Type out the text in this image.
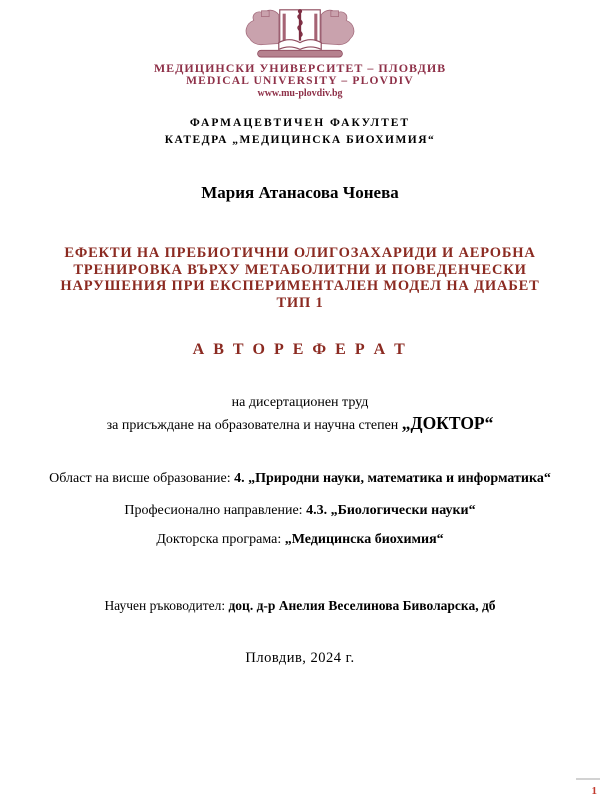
МЕДИЦИНСКИ УНИВЕРСИТЕТ – ПЛОВДИВ
MEDICAL UNIVERSITY – PLOVDIV
www.mu-plovdiv.bg
ФАРМАЦЕВТИЧЕН ФАКУЛТЕТ
КАТЕДРА „МЕДИЦИНСКА БИОХИМИЯ“
Мария Атанасова Чонева
ЕФЕКТИ НА ПРЕБИОТИЧНИ ОЛИГОЗАХАРИДИ И АЕРОБНА
ТРЕНИРОВКА ВЪРХУ МЕТАБОЛИТНИ И ПОВЕДЕНЧЕСКИ
НАРУШЕНИЯ ПРИ ЕКСПЕРИМЕНТАЛЕН МОДЕЛ НА ДИАБЕТ
ТИП 1
А В Т О Р Е Ф Е Р А Т
на дисертационен труд
за присъждане на образователна и научна степен „ДОКТОР“
Област на висше образование: 4. „Природни науки, математика и информатика“
Професионално направление: 4.3. „Биологически науки“
Докторска програма: „Медицинска биохимия“
Научен ръководител: доц. д-р Анелия Веселинова Биволарска, дб
Пловдив, 2024 г.
1
